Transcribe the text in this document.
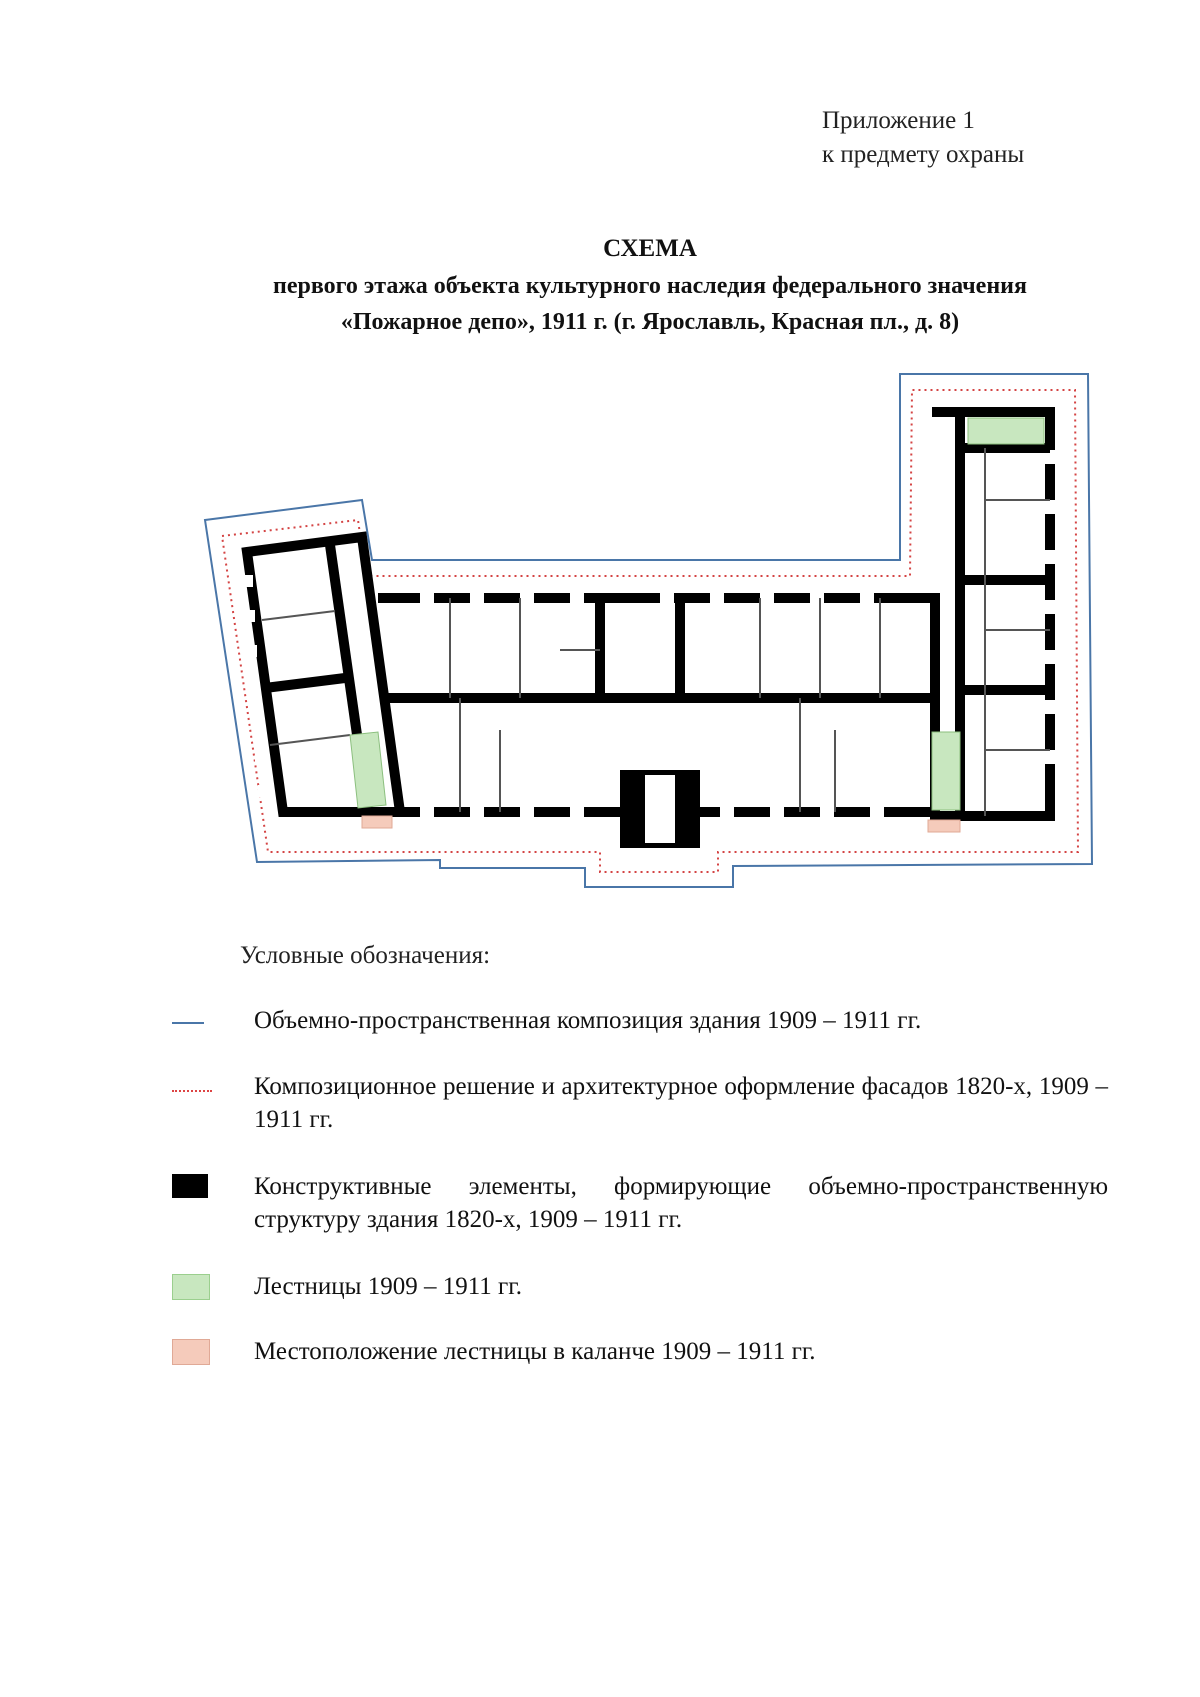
Приложение 1
к предмету охраны
СХЕМА
первого этажа объекта культурного наследия федерального значения
«Пожарное депо», 1911 г. (г. Ярославль, Красная пл., д. 8)
Условные обозначения:
Объемно-пространственная композиция здания 1909 – 1911 гг.
Композиционное решение и архитектурное оформление фасадов 1820-х, 1909 – 1911 гг.
Конструктивные элементы, формирующие объемно-пространственную структуру здания 1820-х, 1909 – 1911 гг.
Лестницы 1909 – 1911 гг.
Местоположение лестницы в каланче 1909 – 1911 гг.
